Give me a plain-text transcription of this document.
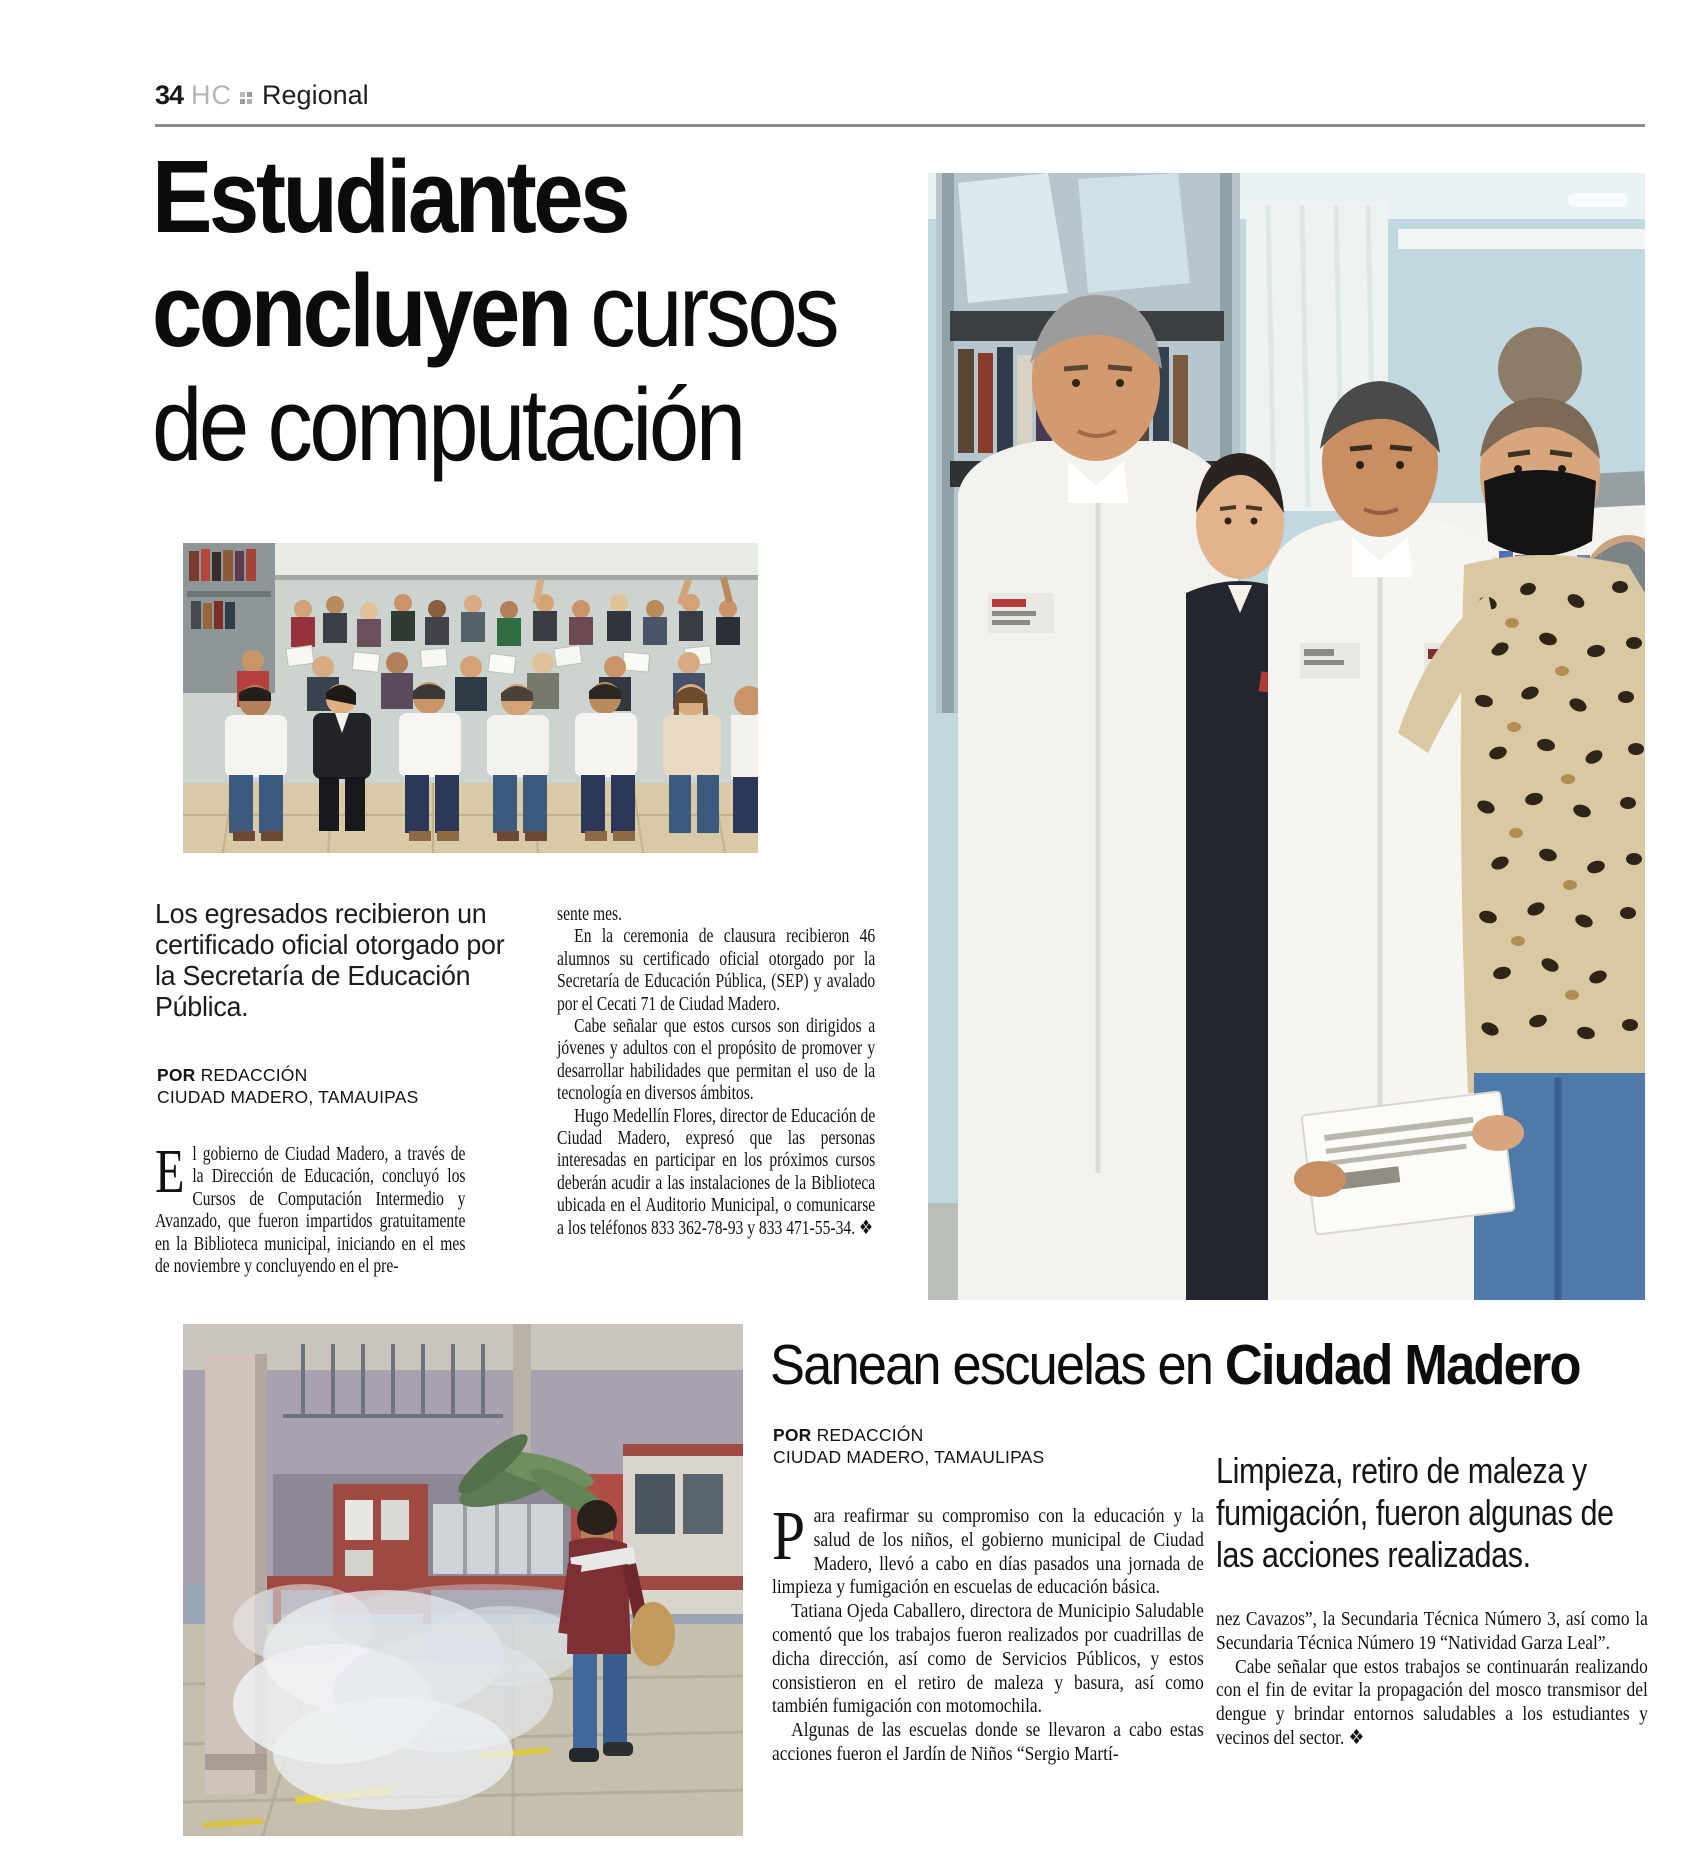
34 HC Regional
Estudiantes
concluyen cursos
de computación
Los egresados recibieron un certificado oficial otorgado por la Secretaría de Educación Pública.
POR REDACCIÓN
CIUDAD MADERO, TAMAUIPAS

El gobierno de Ciudad Madero, a través de la Dirección de Educación, concluyó los Cursos de Computación Intermedio y Avanzado, que fueron impartidos gratuitamente en la Biblioteca municipal, iniciando en el mes de noviembre y concluyendo en el pre-

sente mes.

En la ceremonia de clausura recibieron 46 alumnos su certificado oficial otorgado por la Secretaría de Educación Pública, (SEP) y avalado por el Cecati 71 de Ciudad Madero.

Cabe señalar que estos cursos son dirigidos a jóvenes y adultos con el propósito de promover y desarrollar habilidades que permitan el uso de la tecnología en diversos ámbitos.

Hugo Medellín Flores, director de Educación de Ciudad Madero, expresó que las personas interesadas en participar en los próximos cursos deberán acudir a las instalaciones de la Biblioteca ubicada en el Auditorio Municipal, o comunicarse a los teléfonos 833 362-78-93 y 833 471-55-34. ❖

Sanean escuelas en Ciudad Madero
POR REDACCIÓN
CIUDAD MADERO, TAMAULIPAS

Para reafirmar su compromiso con la educación y la salud de los niños, el gobierno municipal de Ciudad Madero, llevó a cabo en días pasados una jornada de limpieza y fumigación en escuelas de educación básica.

Tatiana Ojeda Caballero, directora de Municipio Saludable comentó que los trabajos fueron realizados por cuadrillas de dicha dirección, así como de Servicios Públicos, y estos consistieron en el retiro de maleza y basura, así como también fumigación con motomochila.

Algunas de las escuelas donde se llevaron a cabo estas acciones fueron el Jardín de Niños “Sergio Martí-

Limpieza, retiro de maleza y fumigación, fueron algunas de las acciones realizadas.

nez Cavazos”, la Secundaria Técnica Número 3, así como la Secundaria Técnica Número 19 “Natividad Garza Leal”.

Cabe señalar que estos trabajos se continuarán realizando con el fin de evitar la propagación del mosco transmisor del dengue y brindar entornos saludables a los estudiantes y vecinos del sector. ❖
